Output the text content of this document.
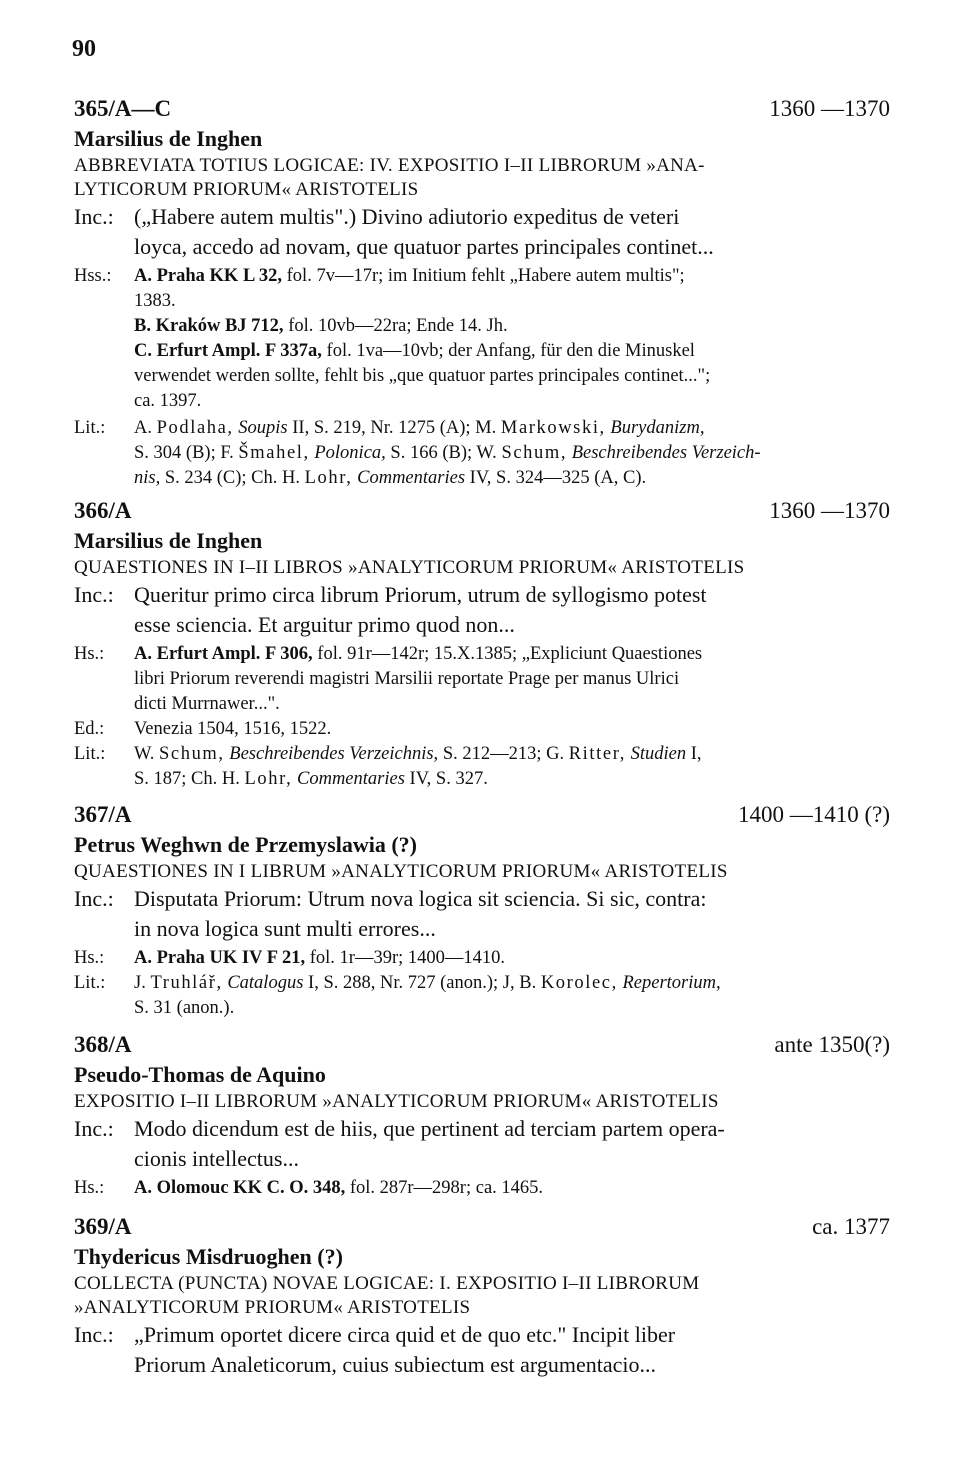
90
365/A—C	1360 —1370
Marsilius de Inghen
ABBREVIATA TOTIUS LOGICAE: IV. EXPOSITIO I–II LIBRORUM »ANA-
LYTICORUM PRIORUM« ARISTOTELIS
Inc.: („Habere autem multis".) Divino adiutorio expeditus de veteri
loyca, accedo ad novam, que quatuor partes principales continet...
Hss.:	A. Praha KK L 32, fol. 7v—17r; im Initium fehlt „Habere autem multis";
1383.
B. Kraków BJ 712, fol. 10vb—22ra; Ende 14. Jh.
C. Erfurt Ampl. F 337a, fol. 1va—10vb; der Anfang, für den die Minuskel
verwendet werden sollte, fehlt bis „que quatuor partes principales continet...";
ca. 1397.
Lit.:	A. Podlaha, Soupis II, S. 219, Nr. 1275 (A); M. Markowski, Burydanizm,
S. 304 (B); F. Šmahel, Polonica, S. 166 (B); W. Schum, Beschreibendes Verzeich-
nis, S. 234 (C); Ch. H. Lohr, Commentaries IV, S. 324—325 (A, C).
366/A	1360 —1370
Marsilius de Inghen
QUAESTIONES IN I–II LIBROS »ANALYTICORUM PRIORUM« ARISTOTELIS
Inc.: Queritur primo circa librum Priorum, utrum de syllogismo potest
esse sciencia. Et arguitur primo quod non...
Hs.:	A. Erfurt Ampl. F 306, fol. 91r—142r; 15.X.1385; „Expliciunt Quaestiones
libri Priorum reverendi magistri Marsilii reportate Prage per manus Ulrici
dicti Murrnawer...".
Ed.:	Venezia 1504, 1516, 1522.
Lit.:	W. Schum, Beschreibendes Verzeichnis, S. 212—213; G. Ritter, Studien I,
S. 187; Ch. H. Lohr, Commentaries IV, S. 327.
367/A	1400 —1410 (?)
Petrus Weghwn de Przemyslawia (?)
QUAESTIONES IN I LIBRUM »ANALYTICORUM PRIORUM« ARISTOTELIS
Inc.: Disputata Priorum: Utrum nova logica sit sciencia. Si sic, contra:
in nova logica sunt multi errores...
Hs.:	A. Praha UK IV F 21, fol. 1r—39r; 1400—1410.
Lit.:	J. Truhlář, Catalogus I, S. 288, Nr. 727 (anon.); J, B. Korolec, Repertorium,
S. 31 (anon.).
368/A	ante 1350(?)
Pseudo-Thomas de Aquino
EXPOSITIO I–II LIBRORUM »ANALYTICORUM PRIORUM« ARISTOTELIS
Inc.: Modo dicendum est de hiis, que pertinent ad terciam partem opera-
cionis intellectus...
Hs.:	A. Olomouc KK C. O. 348, fol. 287r—298r; ca. 1465.
369/A	ca. 1377
Thydericus Misdruoghen (?)
COLLECTA (PUNCTA) NOVAE LOGICAE: I. EXPOSITIO I–II LIBRORUM
»ANALYTICORUM PRIORUM« ARISTOTELIS
Inc.: „Primum oportet dicere circa quid et de quo etc." Incipit liber
Priorum Analeticorum, cuius subiectum est argumentacio...
